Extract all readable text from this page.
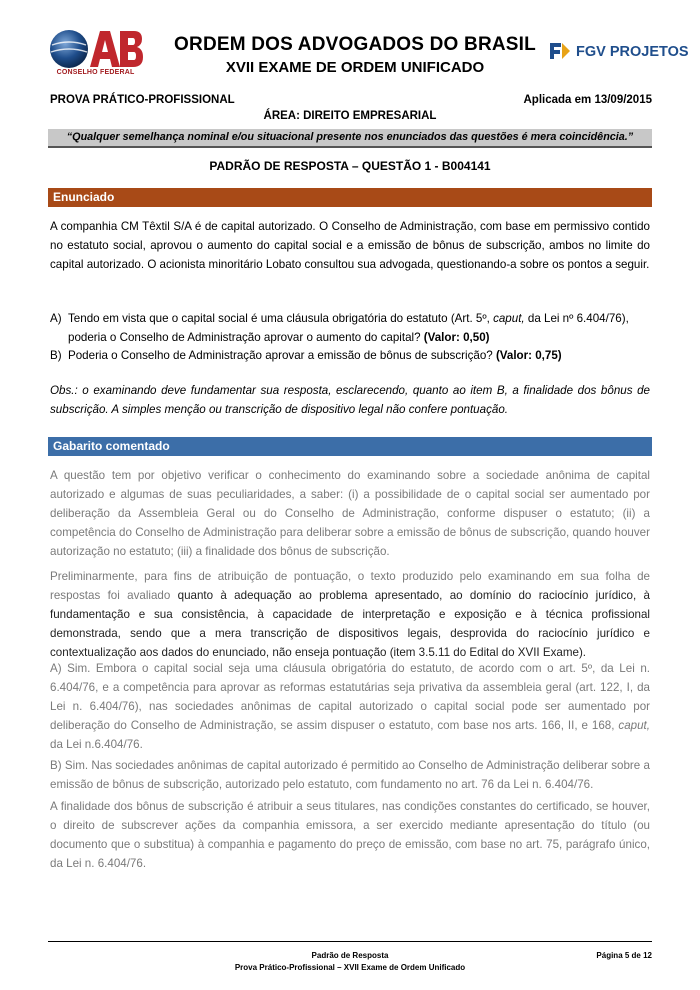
CONSELHO FEDERAL
ORDEM DOS ADVOGADOS DO BRASIL
XVII EXAME DE ORDEM UNIFICADO
FGV PROJETOS
PROVA PRÁTICO-PROFISSIONAL	Aplicada em 13/09/2015
ÁREA: DIREITO EMPRESARIAL
“Qualquer semelhança nominal e/ou situacional presente nos enunciados das questões é mera coincidência.”
PADRÃO DE RESPOSTA – QUESTÃO 1 - B004141
Enunciado
A companhia CM Têxtil S/A é de capital autorizado. O Conselho de Administração, com base em permissivo contido no estatuto social, aprovou o aumento do capital social e a emissão de bônus de subscrição, ambos no limite do capital autorizado. O acionista minoritário Lobato consultou sua advogada, questionando-a sobre os pontos a seguir.
A) Tendo em vista que o capital social é uma cláusula obrigatória do estatuto (Art. 5º, caput, da Lei nº 6.404/76), poderia o Conselho de Administração aprovar o aumento do capital? (Valor: 0,50)
B) Poderia o Conselho de Administração aprovar a emissão de bônus de subscrição? (Valor: 0,75)
Obs.: o examinando deve fundamentar sua resposta, esclarecendo, quanto ao item B, a finalidade dos bônus de subscrição. A simples menção ou transcrição de dispositivo legal não confere pontuação.
Gabarito comentado
A questão tem por objetivo verificar o conhecimento do examinando sobre a sociedade anônima de capital autorizado e algumas de suas peculiaridades, a saber: (i) a possibilidade de o capital social ser aumentado por deliberação da Assembleia Geral ou do Conselho de Administração, conforme dispuser o estatuto; (ii) a competência do Conselho de Administração para deliberar sobre a emissão de bônus de subscrição, quando houver autorização no estatuto; (iii) a finalidade dos bônus de subscrição.
Preliminarmente, para fins de atribuição de pontuação, o texto produzido pelo examinando em sua folha de respostas foi avaliado quanto à adequação ao problema apresentado, ao domínio do raciocínio jurídico, à fundamentação e sua consistência, à capacidade de interpretação e exposição e à técnica profissional demonstrada, sendo que a mera transcrição de dispositivos legais, desprovida do raciocínio jurídico e contextualização aos dados do enunciado, não enseja pontuação (item 3.5.11 do Edital do XVII Exame).
A) Sim. Embora o capital social seja uma cláusula obrigatória do estatuto, de acordo com o art. 5º, da Lei n. 6.404/76, e a competência para aprovar as reformas estatutárias seja privativa da assembleia geral (art. 122, I, da Lei n. 6.404/76), nas sociedades anônimas de capital autorizado o capital social pode ser aumentado por deliberação do Conselho de Administração, se assim dispuser o estatuto, com base nos arts. 166, II, e 168, caput, da Lei n.6.404/76.
B) Sim. Nas sociedades anônimas de capital autorizado é permitido ao Conselho de Administração deliberar sobre a emissão de bônus de subscrição, autorizado pelo estatuto, com fundamento no art. 76 da Lei n. 6.404/76.
A finalidade dos bônus de subscrição é atribuir a seus titulares, nas condições constantes do certificado, se houver, o direito de subscrever ações da companhia emissora, a ser exercido mediante apresentação do título (ou documento que o substitua) à companhia e pagamento do preço de emissão, com base no art. 75, parágrafo único, da Lei n. 6.404/76.
Padrão de Resposta
Prova Prático-Profissional – XVII Exame de Ordem Unificado
Página 5 de 12
